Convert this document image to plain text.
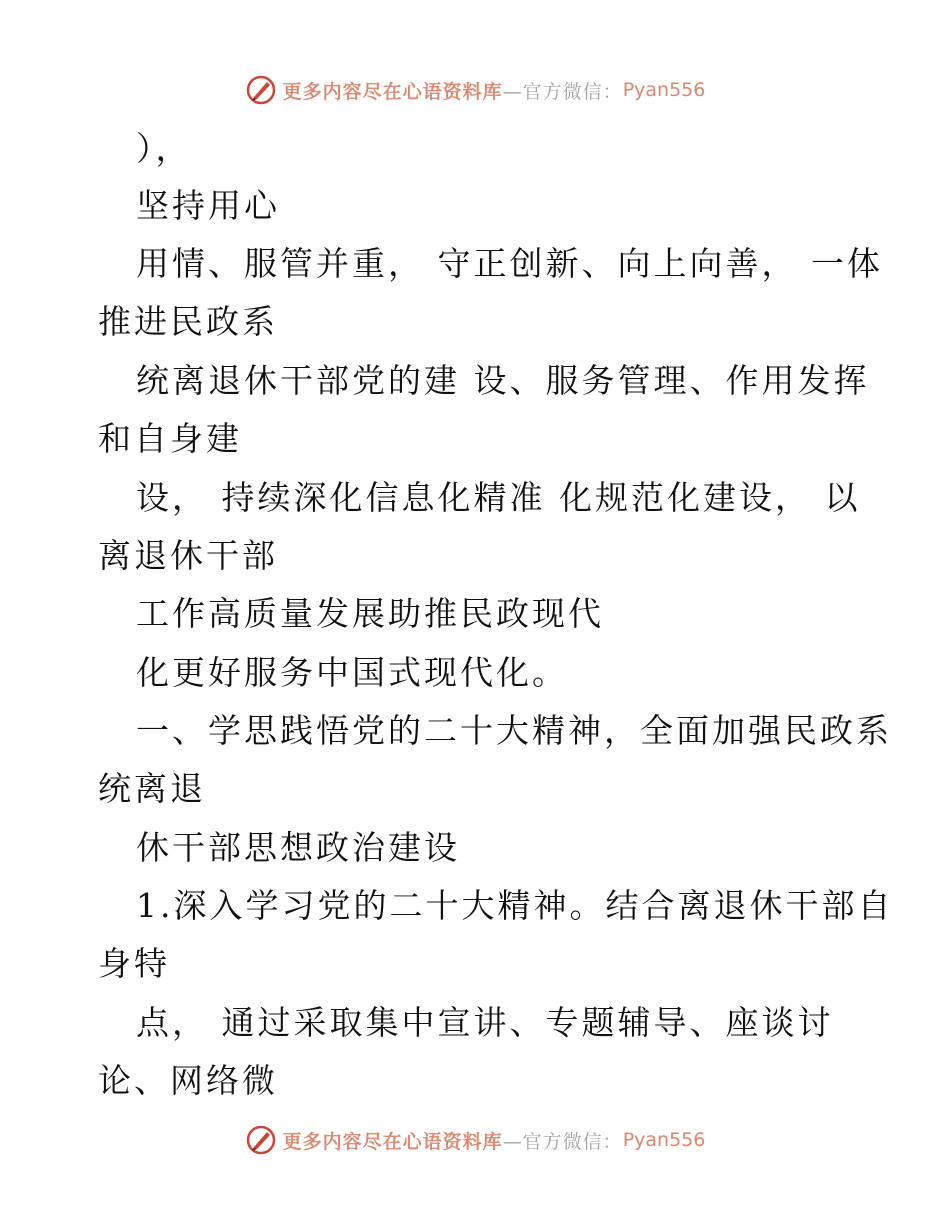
更多内容尽在心语资料库 —官方微信： Pyan556
），
坚持用心
用情、服管并重， 守正创新、向上向善， 一体
推进民政系
统离退休干部党的建 设、服务管理、作用发挥
和自身建
设， 持续深化信息化精准 化规范化建设， 以
离退休干部
工作高质量发展助推民政现代
化更好服务中国式现代化。
一、学思践悟党的二十大精神，全面加强民政系
统离退
休干部思想政治建设
1.深入学习党的二十大精神。结合离退休干部自
身特
点， 通过采取集中宣讲、专题辅导、座谈讨
论、网络微
更多内容尽在心语资料库 —官方微信： Pyan556
